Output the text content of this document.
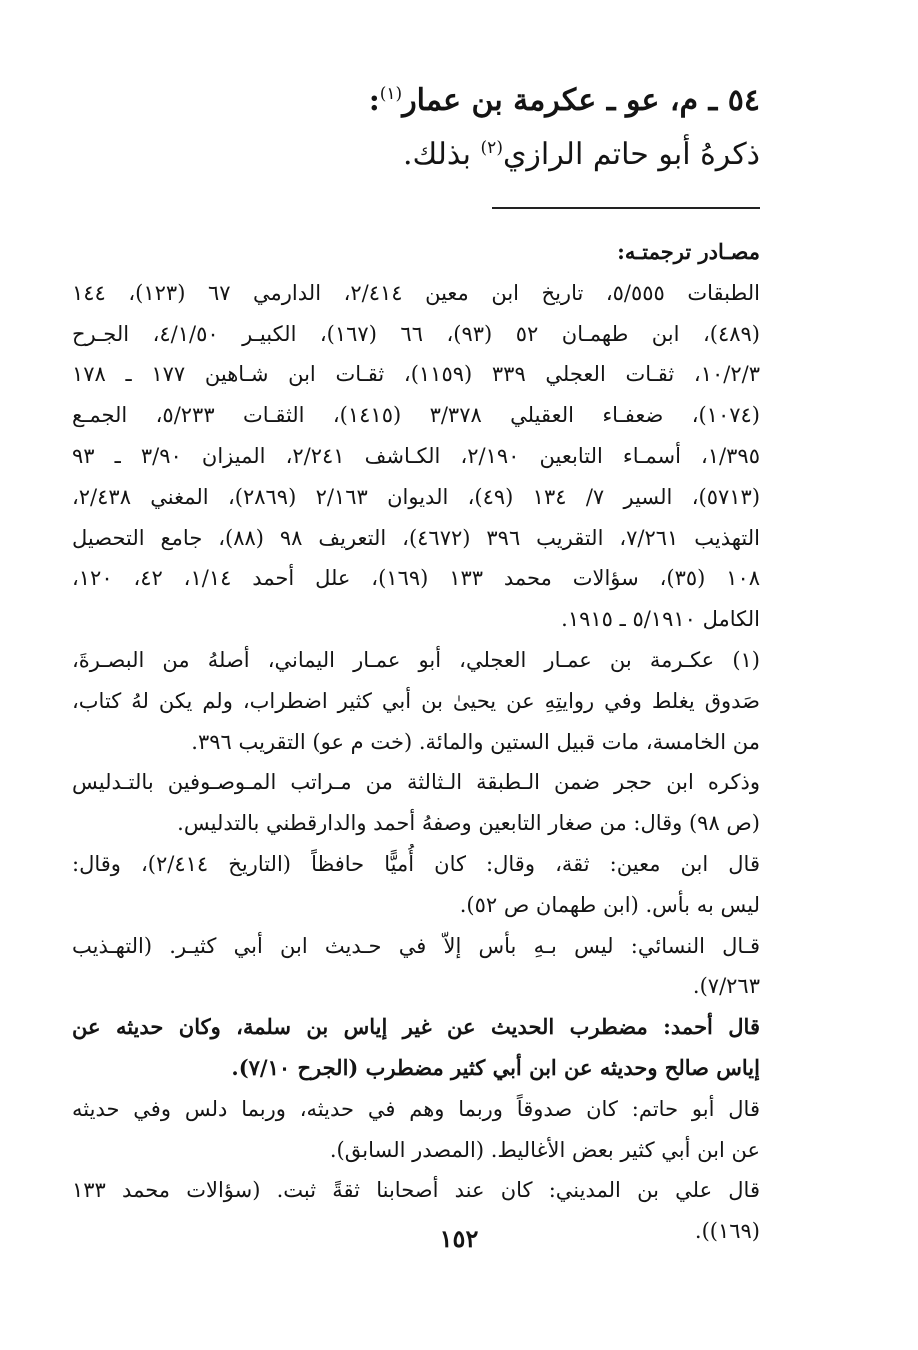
٥٤ ـ م، عو ـ عكرمة بن عمار$^{(١)}$:
ذكرهُ أبو حاتم الرازي$^{(٢)}$ بذلك.
مصـادر ترجمتـه:
الطبقات ٥/٥٥٥، تاريخ ابن معين ٢/٤١٤، الدارمي ٦٧ (١٢٣)، ١٤٤
(٤٨٩)، ابن طهمـان ٥٢ (٩٣)، ٦٦ (١٦٧)، الكبيـر ٤/١/٥٠، الجـرح
١٠/٢/٣، ثقـات العجلي ٣٣٩ (١١٥٩)، ثقـات ابن شـاهين ١٧٧ ـ ١٧٨
(١٠٧٤)، ضعفـاء العقيلي ٣/٣٧٨ (١٤١٥)، الثقـات ٥/٢٣٣، الجمـع
١/٣٩٥، أسمـاء التابعين ٢/١٩٠، الكـاشف ٢/٢٤١، الميزان ٣/٩٠ ـ ٩٣
(٥٧١٣)، السير ٧/ ١٣٤ (٤٩)، الديوان ٢/١٦٣ (٢٨٦٩)، المغني ٢/٤٣٨،
التهذيب ٧/٢٦١، التقريب ٣٩٦ (٤٦٧٢)، التعريف ٩٨ (٨٨)، جامع التحصيل
١٠٨ (٣٥)، سؤالات محمد ١٣٣ (١٦٩)، علل أحمد ١/١٤، ٤٢، ١٢٠،
الكامل ٥/١٩١٠ ـ ١٩١٥.
(١) عكـرمة بن عمـار العجلي، أبو عمـار اليماني، أصلهُ من البصـرةَ،
صَدوق يغلط وفي روايتِهِ عن يحيىٰ بن أبي كثير اضطراب، ولم يكن لهُ كتاب،
من الخامسة، مات قبيل الستين والمائة. (خت م عو) التقريب ٣٩٦.
وذكره ابن حجر ضمن الـطبقة الـثالثة من مـراتب المـوصـوفين بالتـدليس
(ص ٩٨) وقال: من صغار التابعين وصفهُ أحمد والدارقطني بالتدليس.
قال ابن معين: ثقة، وقال: كان أُميًّا حافظاً (التاريخ ٢/٤١٤)، وقال:
ليس به بأس. (ابن طهمان ص ٥٢).
قـال النسائي: ليس بـهِ بأس إلاّ في حـديث ابن أبي كثيـر. (التهـذيب
٧/٢٦٣).
قال أحمد: مضطرب الحديث عن غير إياس بن سلمة، وكان حديثه عن
إياس صالح وحديثه عن ابن أبي كثير مضطرب (الجرح ٧/١٠).
قال أبو حاتم: كان صدوقاً وربما وهم في حديثه، وربما دلس وفي حديثه
عن ابن أبي كثير بعض الأغاليط. (المصدر السابق).
قال علي بن المديني: كان عند أصحابنا ثقةً ثبت. (سؤالات محمد ١٣٣
(١٦٩)).
١٥٢
